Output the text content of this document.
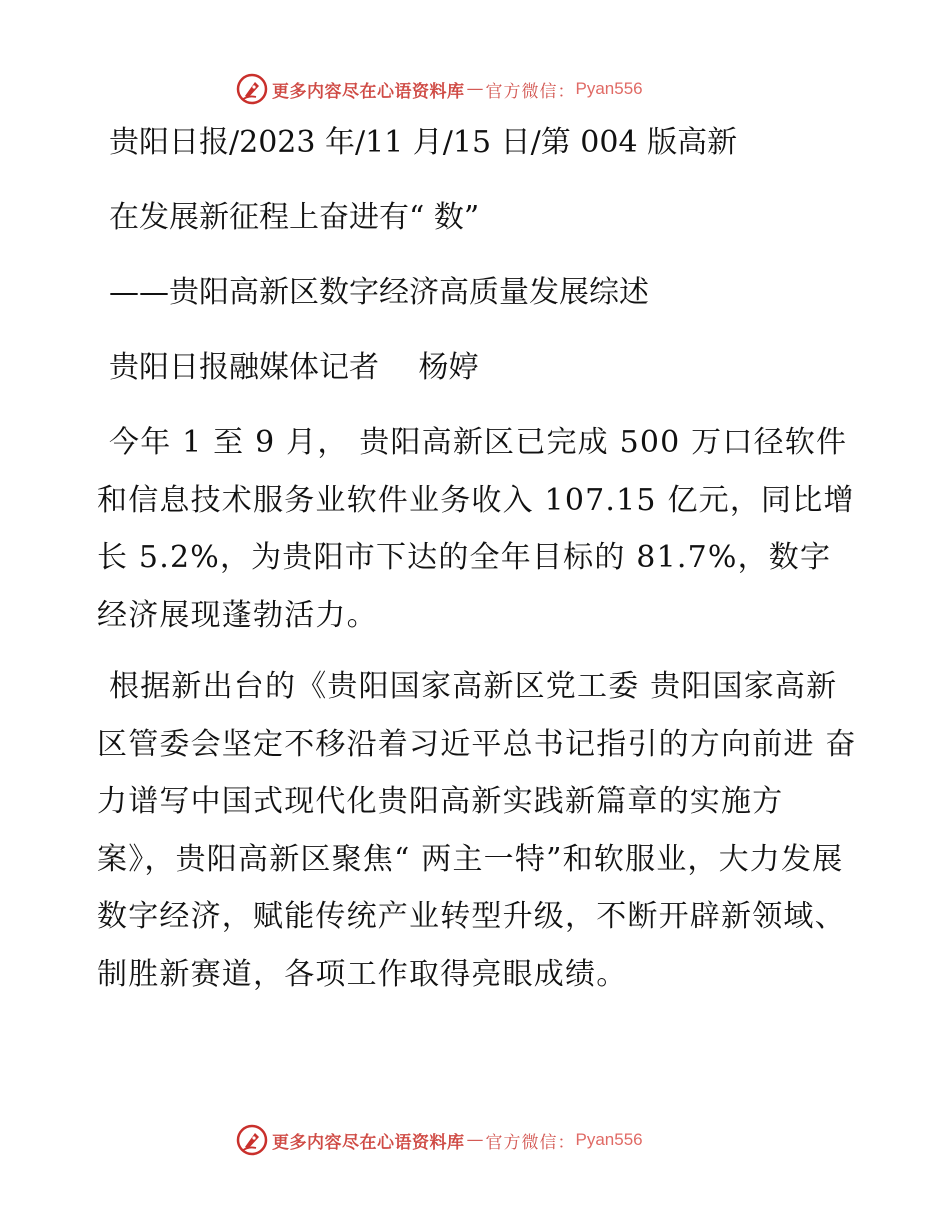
更多内容尽在心语资料库 — 官方微信： Pyan556

贵阳日报/2023 年/11 月/15 日/第 004 版高新

在发展新征程上奋进有“ 数”

——贵阳高新区数字经济高质量发展综述

贵阳日报融媒体记者　 杨婷

今年 1 至 9 月， 贵阳高新区已完成 500 万口径软件和信息技术服务业软件业务收入 107.15 亿元，同比增长 5.2%，为贵阳市下达的全年目标的 81.7%，数字经济展现蓬勃活力。

根据新出台的《贵阳国家高新区党工委 贵阳国家高新区管委会坚定不移沿着习近平总书记指引的方向前进 奋力谱写中国式现代化贵阳高新实践新篇章的实施方案》，贵阳高新区聚焦“ 两主一特”和软服业，大力发展数字经济，赋能传统产业转型升级，不断开辟新领域、制胜新赛道，各项工作取得亮眼成绩。

更多内容尽在心语资料库 — 官方微信： Pyan556
